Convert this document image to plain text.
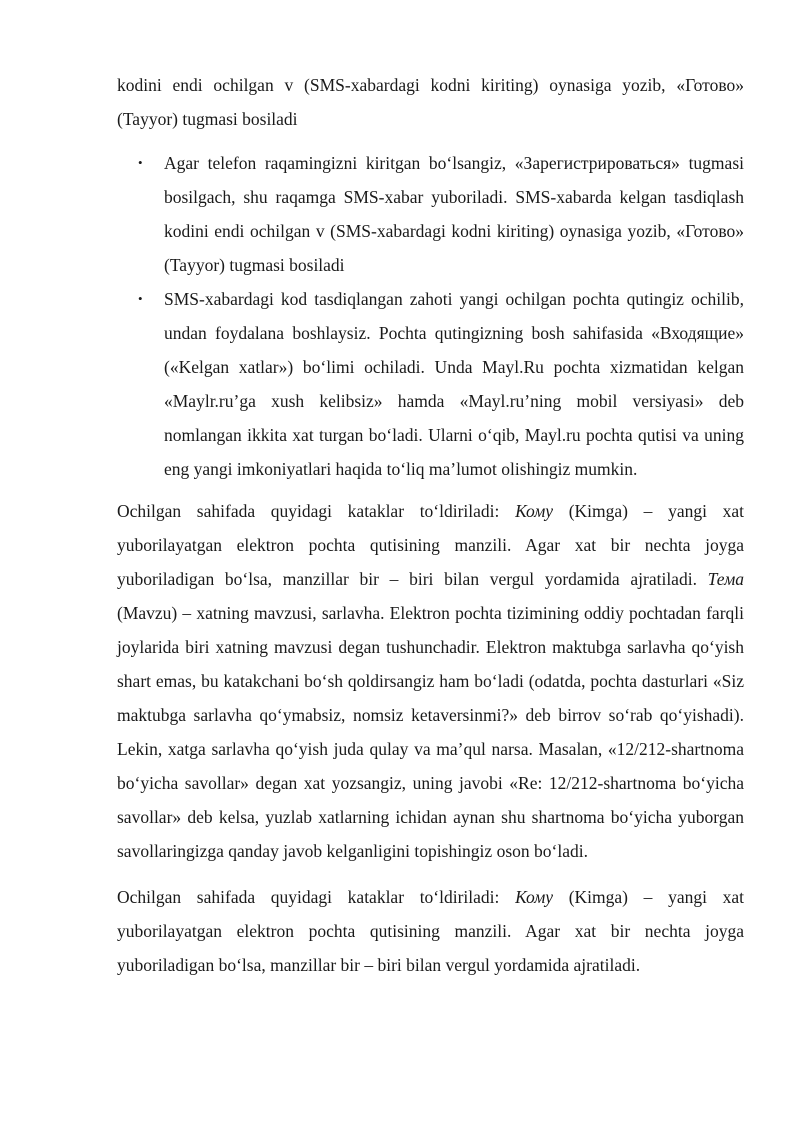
kodini endi ochilgan v (SMS-xabardagi kodni kiriting) oynasiga yozib, «Готово» (Tayyor) tugmasi bosiladi

• Agar telefon raqamingizni kiritgan bo‘lsangiz, «Зарегистрироваться» tugmasi bosilgach, shu raqamga SMS-xabar yuboriladi. SMS-xabarda kelgan tasdiqlash kodini endi ochilgan v (SMS-xabardagi kodni kiriting) oynasiga yozib, «Готово» (Tayyor) tugmasi bosiladi
• SMS-xabardagi kod tasdiqlangan zahoti yangi ochilgan pochta qutingiz ochilib, undan foydalana boshlaysiz. Pochta qutingizning bosh sahifasida «Входящие» («Kelgan xatlar») bo‘limi ochiladi. Unda Mayl.Ru pochta xizmatidan kelgan «Maylr.ru’ga xush kelibsiz» hamda «Mayl.ru’ning mobil versiyasi» deb nomlangan ikkita xat turgan bo‘ladi. Ularni o‘qib, Mayl.ru pochta qutisi va uning eng yangi imkoniyatlari haqida to‘liq ma’lumot olishingiz mumkin.

Ochilgan sahifada quyidagi kataklar to‘ldiriladi: Кому (Kimga) – yangi xat yuborilayatgan elektron pochta qutisining manzili. Agar xat bir nechta joyga yuboriladigan bo‘lsa, manzillar bir – biri bilan vergul yordamida ajratiladi. Тема (Mavzu) – xatning mavzusi, sarlavha. Elektron pochta tizimining oddiy pochtadan farqli joylarida biri xatning mavzusi degan tushunchadir. Elektron maktubga sarlavha qo‘yish shart emas, bu katakchani bo‘sh qoldirsangiz ham bo‘ladi (odatda, pochta dasturlari «Siz maktubga sarlavha qo‘ymabsiz, nomsiz ketaversinmi?» deb birrov so‘rab qo‘yishadi). Lekin, xatga sarlavha qo‘yish juda qulay va ma’qul narsa. Masalan, «12/212-shartnoma bo‘yicha savollar» degan xat yozsangiz, uning javobi «Re: 12/212-shartnoma bo‘yicha savollar» deb kelsa, yuzlab xatlarning ichidan aynan shu shartnoma bo‘yicha yuborgan savollaringizga qanday javob kelganligini topishingiz oson bo‘ladi.

Ochilgan sahifada quyidagi kataklar to‘ldiriladi: Кому (Kimga) – yangi xat yuborilayatgan elektron pochta qutisining manzili. Agar xat bir nechta joyga yuboriladigan bo‘lsa, manzillar bir – biri bilan vergul yordamida ajratiladi.
